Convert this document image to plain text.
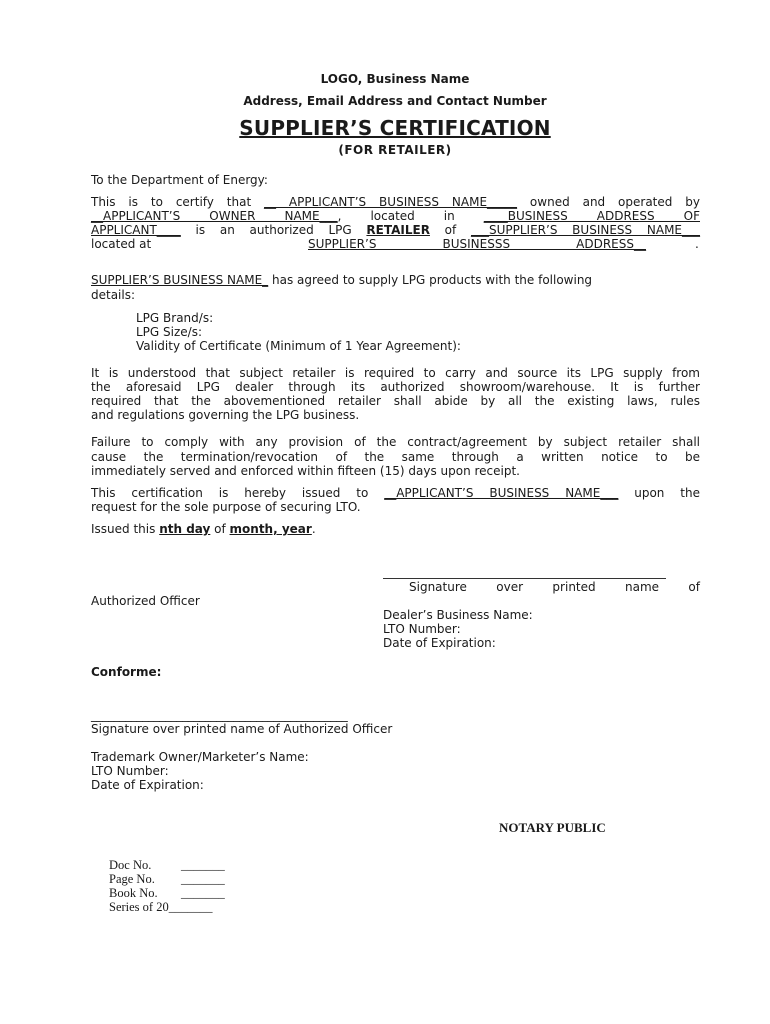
LOGO, Business Name
Address, Email Address and Contact Number
SUPPLIER’S CERTIFICATION
(FOR RETAILER)
To the Department of Energy:
This is to certify that __ APPLICANT’S BUSINESS NAME_____ owned and operated by
__APPLICANT’S OWNER NAME___, located in ____BUSINESS ADDRESS OF
APPLICANT____ is an authorized LPG RETAILER of ___SUPPLIER’S BUSINESS NAME___
located at	SUPPLIER’S BUSINESSS ADDRESS__	.
SUPPLIER’S BUSINESS NAME_ has agreed to supply LPG products with the following
details:
LPG Brand/s:
LPG Size/s:
Validity of Certificate (Minimum of 1 Year Agreement):
It is understood that subject retailer is required to carry and source its LPG supply from
the aforesaid LPG dealer through its authorized showroom/warehouse. It is further
required that the abovementioned retailer shall abide by all the existing laws, rules
and regulations governing the LPG business.
Failure to comply with any provision of the contract/agreement by subject retailer shall
cause the termination/revocation of the same through a written notice to be
immediately served and enforced within fifteen (15) days upon receipt.
This certification is hereby issued to __APPLICANT’S BUSINESS NAME___ upon the
request for the sole purpose of securing LTO.
Issued this nth day of month, year.
Signature over printed name of
Authorized Officer
Dealer’s Business Name:
LTO Number:
Date of Expiration:
Conforme:
_____________________________________________
Signature over printed name of Authorized Officer
Trademark Owner/Marketer’s Name:
LTO Number:
Date of Expiration:
NOTARY PUBLIC
Doc No. _______
Page No. _______
Book No. _______
Series of 20_______
